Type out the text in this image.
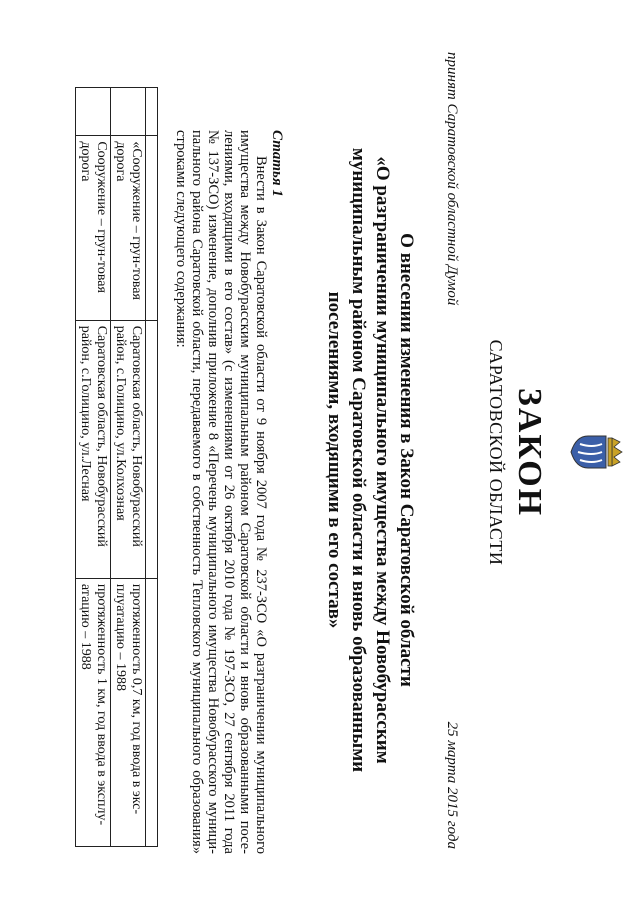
ЗАКОН
САРАТОВСКОЙ ОБЛАСТИ
принят Саратовской областной Думой
25 марта 2015 года
О внесении изменения в Закон Саратовской области
«О разграничении муниципального имущества между Новобурасским
муниципальным районом Саратовской области и вновь образованными
поселениями, входящими в его состав»
Статья 1
Внести в Закон Саратовской области от 9 ноября 2007 года № 237-ЗСО «О разграничении муниципального
имущества между Новобурасским муниципальным районом Саратовской области и вновь образованными посе-
лениями, входящими в его состав» (с изменениями от 26 октября 2010 года № 197-ЗСО, 27 сентября 2011 года
№ 137-ЗСО) изменение, дополнив приложение 8 «Перечень муниципального имущества Новобурасского муници-
пального района Саратовской области, передаваемого в собственность Тепловского муниципального образования»
строками следующего содержания:

	«Сооружение – грун-товая дорога	Саратовская область, Новобурасский район, с.Голицино, ул.Колхозная	протяженность 0,7 км, год ввода в экс-плуатацию – 1988
	Сооружение – грун-товая дорога	Саратовская область, Новобурасский район, с.Голицино, ул.Лесная	протяженность 1 км, год ввода в эксплу-атацию – 1988
